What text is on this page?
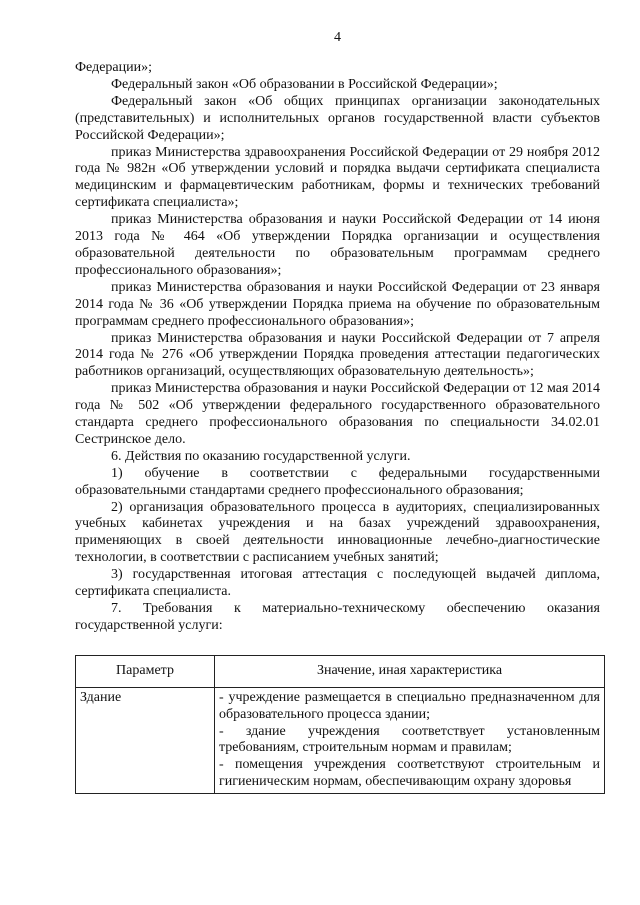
4

Федерации»;

Федеральный закон «Об образовании в Российской Федерации»;

Федеральный закон «Об общих принципах организации законодательных (представительных) и исполнительных органов государственной власти субъектов Российской Федерации»;

приказ Министерства здравоохранения Российской Федерации от 29 ноября 2012 года № 982н «Об утверждении условий и порядка выдачи сертификата специалиста медицинским и фармацевтическим работникам, формы и технических требований сертификата специалиста»;

приказ Министерства образования и науки Российской Федерации от 14 июня 2013 года № 464 «Об утверждении Порядка организации и осуществления образовательной деятельности по образовательным программам среднего профессионального образования»;

приказ Министерства образования и науки Российской Федерации от 23 января 2014 года № 36 «Об утверждении Порядка приема на обучение по образовательным программам среднего профессионального образования»;

приказ Министерства образования и науки Российской Федерации от 7 апреля 2014 года № 276 «Об утверждении Порядка проведения аттестации педагогических работников организаций, осуществляющих образовательную деятельность»;

приказ Министерства образования и науки Российской Федерации от 12 мая 2014 года № 502 «Об утверждении федерального государственного образовательного стандарта среднего профессионального образования по специальности 34.02.01 Сестринское дело.

6. Действия по оказанию государственной услуги.

1) обучение в соответствии с федеральными государственными образовательными стандартами среднего профессионального образования;

2) организация образовательного процесса в аудиториях, специализированных учебных кабинетах учреждения и на базах учреждений здравоохранения, применяющих в своей деятельности инновационные лечебно-диагностические технологии, в соответствии с расписанием учебных занятий;

3) государственная итоговая аттестация с последующей выдачей диплома, сертификата специалиста.

7. Требования к материально-техническому обеспечению оказания государственной услуги:

Параметр	Значение, иная характеристика
Здание	- учреждение размещается в специально предназначенном для образовательного процесса здании;
- здание учреждения соответствует установленным требованиям, строительным нормам и правилам;
- помещения учреждения соответствуют строительным и гигиеническим нормам, обеспечивающим охрану здоровья
